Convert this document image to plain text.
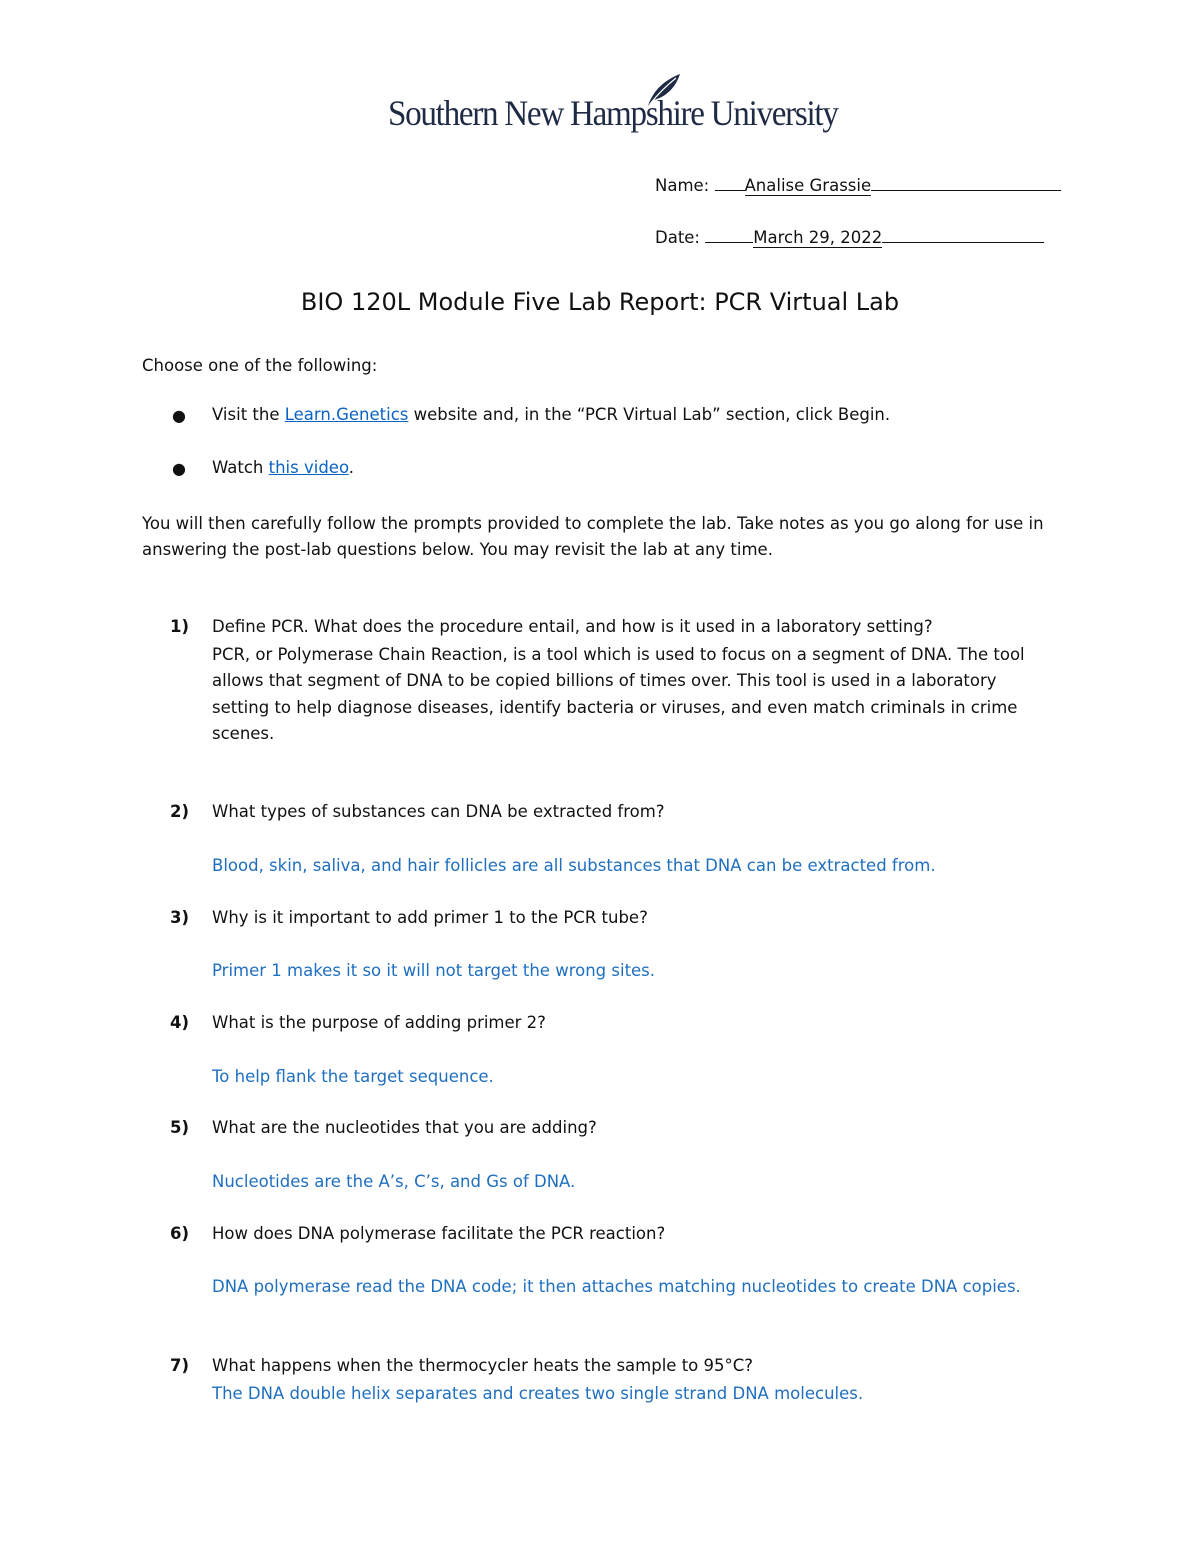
Southern New Hampshire University
Name: Analise Grassie
Date:	March 29, 2022
BIO 120L Module Five Lab Report: PCR Virtual Lab
Choose one of the following:
● Visit the Learn.Genetics website and, in the “PCR Virtual Lab” section, click Begin.
● Watch this video.
You will then carefully follow the prompts provided to complete the lab. Take notes as you go along for use in answering the post-lab questions below. You may revisit the lab at any time.
1) Define PCR. What does the procedure entail, and how is it used in a laboratory setting?
PCR, or Polymerase Chain Reaction, is a tool which is used to focus on a segment of DNA. The tool allows that segment of DNA to be copied billions of times over. This tool is used in a laboratory setting to help diagnose diseases, identify bacteria or viruses, and even match criminals in crime scenes.
2) What types of substances can DNA be extracted from?
Blood, skin, saliva, and hair follicles are all substances that DNA can be extracted from.
3) Why is it important to add primer 1 to the PCR tube?
Primer 1 makes it so it will not target the wrong sites.
4) What is the purpose of adding primer 2?
To help flank the target sequence.
5) What are the nucleotides that you are adding?
Nucleotides are the A’s, C’s, and Gs of DNA.
6) How does DNA polymerase facilitate the PCR reaction?
DNA polymerase read the DNA code; it then attaches matching nucleotides to create DNA copies.
7) What happens when the thermocycler heats the sample to 95°C?
The DNA double helix separates and creates two single strand DNA molecules.
